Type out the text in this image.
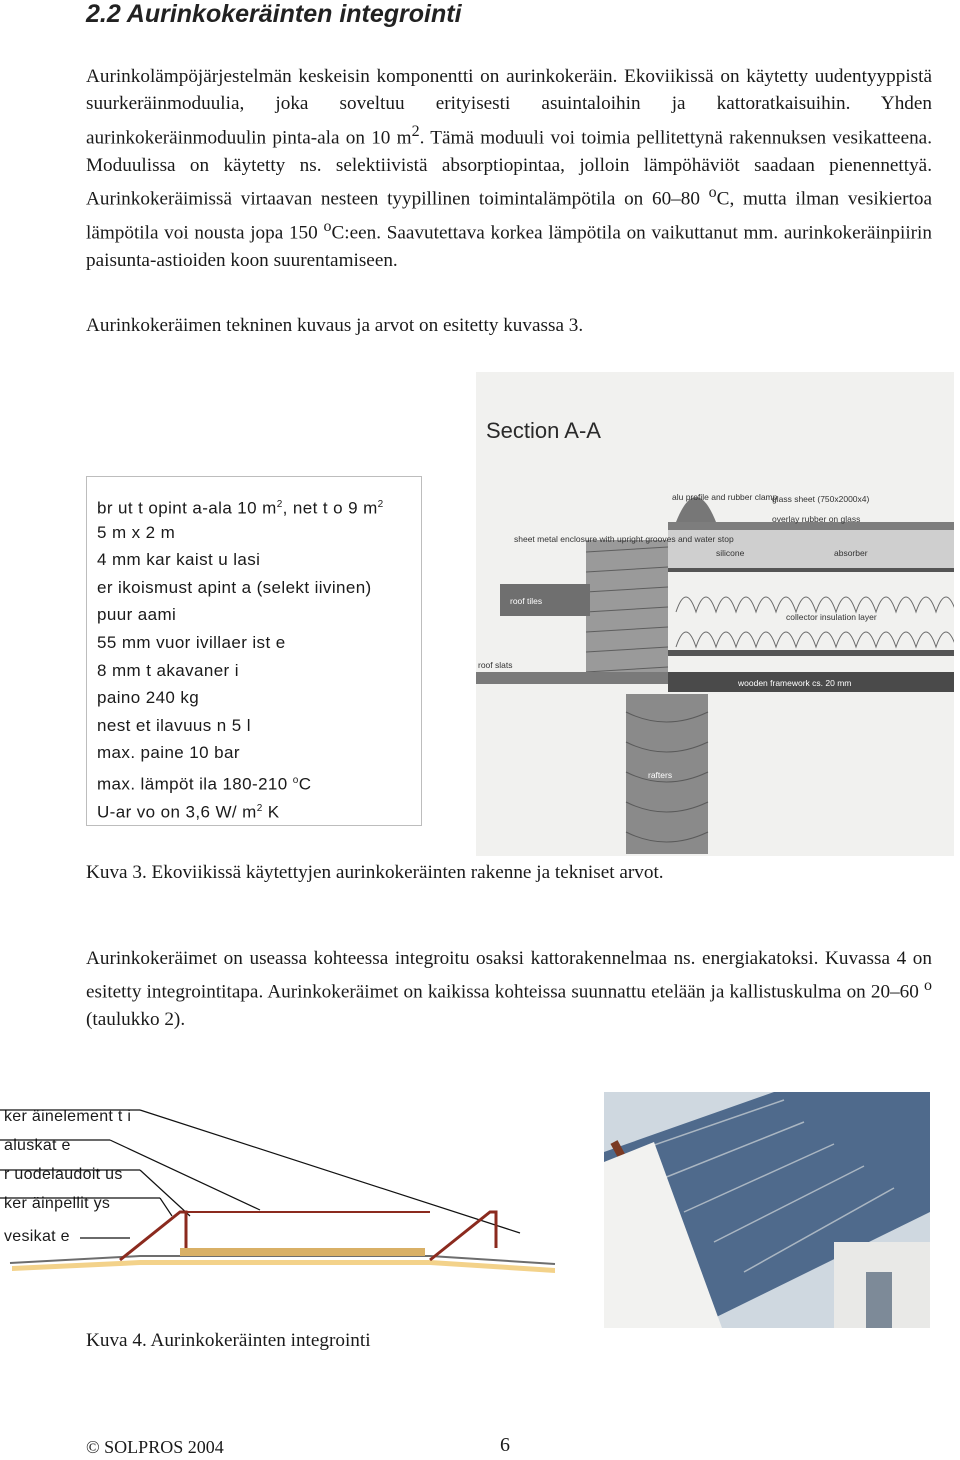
2.2 Aurinkokeräinten integrointi

Aurinkolämpöjärjestelmän keskeisin komponentti on aurinkokeräin. Ekoviikissä on käytetty uudentyyppistä suurkeräinmoduulia, joka soveltuu erityisesti asuintaloihin ja kattoratkaisuihin. Yhden aurinkokeräinmoduulin pinta-ala on 10 $m^2$. Tämä moduuli voi toimia pellitettynä rakennuksen vesikatteena. Moduulissa on käytetty ns. selektiivistä absorptiopintaa, jolloin lämpöhäviöt saadaan pienennettyä. Aurinkokeräimissä virtaavan nesteen tyypillinen toimintalämpötila on 60–80 $^o$C, mutta ilman vesikiertoa lämpötila voi nousta jopa 150 $^o$C:een. Saavutettava korkea lämpötila on vaikuttanut mm. aurinkokeräinpiirin paisunta-astioiden koon suurentamiseen.

Aurinkokeräimen tekninen kuvaus ja arvot on esitetty kuvassa 3.
br ut t opint a-ala 10 $m^2$, net t o 9 $m^2$
5 m x 2 m
4 mm kar kaist u lasi
er ikoismust apint a (selekt iivinen)
puur aami
55 mm vuor ivillaer ist e
8 mm t akavaner i
paino 240 kg
nest et ilavuus n 5 l
max. paine 10 bar
max. lämpöt ila 180-210 $^o$C
U-ar vo on 3,6 W/ $m^2$ K
Section A-A
alu profile and rubber clamp
glass sheet (750x2000x4)
overlay rubber on glass
sheet metal enclosure with upright grooves and water stop
silicone	absorber
roof tiles
collector insulation layer
roof slats
wooden framework cs. 20 mm
rafters
Kuva 3. Ekoviikissä käytettyjen aurinkokeräinten rakenne ja tekniset arvot.

Aurinkokeräimet on useassa kohteessa integroitu osaksi kattorakennelmaa ns. energiakatoksi. Kuvassa 4 on esitetty integrointitapa. Aurinkokeräimet on kaikissa kohteissa suunnattu etelään ja kallistuskulma on 20–60 $^o$ (taulukko 2).

ker äinelement t i
aluskat e
r uodelaudoit us
ker äinpellit ys
vesikat e
Kuva 4. Aurinkokeräinten integrointi
© SOLPROS 2004	6
